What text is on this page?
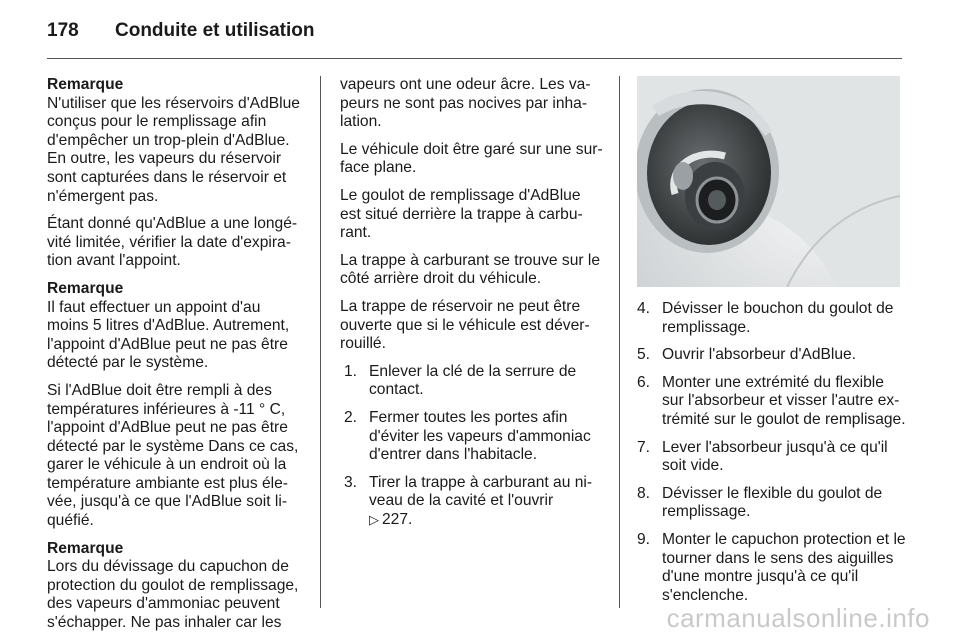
178 Conduite et utilisation
Remarque
N'utiliser que les réservoirs d'AdBlue conçus pour le remplissage afin d'empêcher un trop-plein d'AdBlue. En outre, les vapeurs du réservoir sont capturées dans le réservoir et n'émergent pas.

Étant donné qu'AdBlue a une longévité limitée, vérifier la date d'expiration avant l'appoint.

Remarque
Il faut effectuer un appoint d'au moins 5 litres d'AdBlue. Autrement, l'appoint d'AdBlue peut ne pas être détecté par le système.

Si l'AdBlue doit être rempli à des températures inférieures à -11 ° C, l'appoint d'AdBlue peut ne pas être détecté par le système Dans ce cas, garer le véhicule à un endroit où la température ambiante est plus élevée, jusqu'à ce que l'AdBlue soit liquéfié.

Remarque
Lors du dévissage du capuchon de protection du goulot de remplissage, des vapeurs d'ammoniac peuvent s'échapper. Ne pas inhaler car les

vapeurs ont une odeur âcre. Les vapeurs ne sont pas nocives par inhalation.

Le véhicule doit être garé sur une surface plane.

Le goulot de remplissage d'AdBlue est situé derrière la trappe à carburant.

La trappe à carburant se trouve sur le côté arrière droit du véhicule.

La trappe de réservoir ne peut être ouverte que si le véhicule est déverrouillé.

1. Enlever la clé de la serrure de contact.
2. Fermer toutes les portes afin d'éviter les vapeurs d'ammoniac d'entrer dans l'habitacle.
3. Tirer la trappe à carburant au niveau de la cavité et l'ouvrir
▷ 227.
4. Dévisser le bouchon du goulot de remplissage.
5. Ouvrir l'absorbeur d'AdBlue.
6. Monter une extrémité du flexible sur l'absorbeur et visser l'autre extrémité sur le goulot de remplisage.
7. Lever l'absorbeur jusqu'à ce qu'il soit vide.
8. Dévisser le flexible du goulot de remplissage.
9. Monter le capuchon protection et le tourner dans le sens des aiguilles d'une montre jusqu'à ce qu'il s'enclenche.
carmanualsonline.info
